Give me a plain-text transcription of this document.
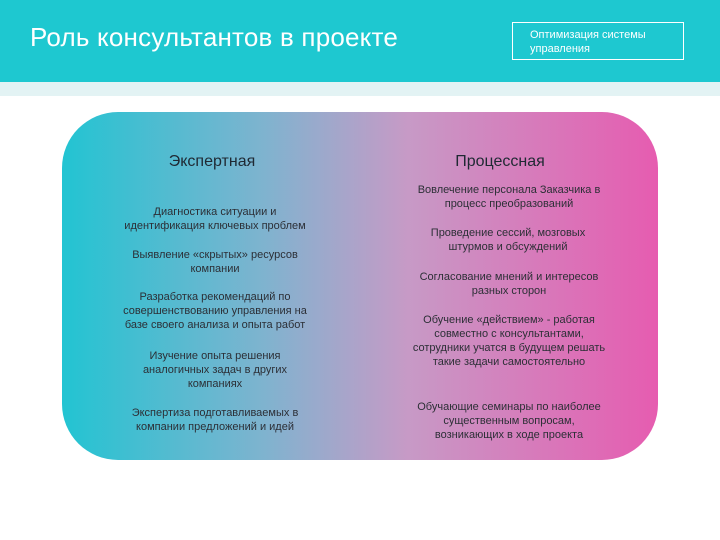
Роль консультантов в проекте	Оптимизация системы управления
Экспертная	Процессная
Диагностика ситуации и идентификация ключевых проблем
Выявление «скрытых» ресурсов компании
Разработка рекомендаций по совершенствованию управления на базе своего анализа и опыта работ
Изучение опыта решения аналогичных задач в других компаниях
Экспертиза подготавливаемых в компании предложений и идей
Вовлечение персонала Заказчика в процесс преобразований
Проведение сессий, мозговых штурмов и обсуждений
Согласование мнений и интересов разных сторон
Обучение «действием» - работая совместно с консультантами, сотрудники учатся в будущем решать такие задачи самостоятельно
Обучающие семинары по наиболее существенным вопросам, возникающих в ходе проекта
